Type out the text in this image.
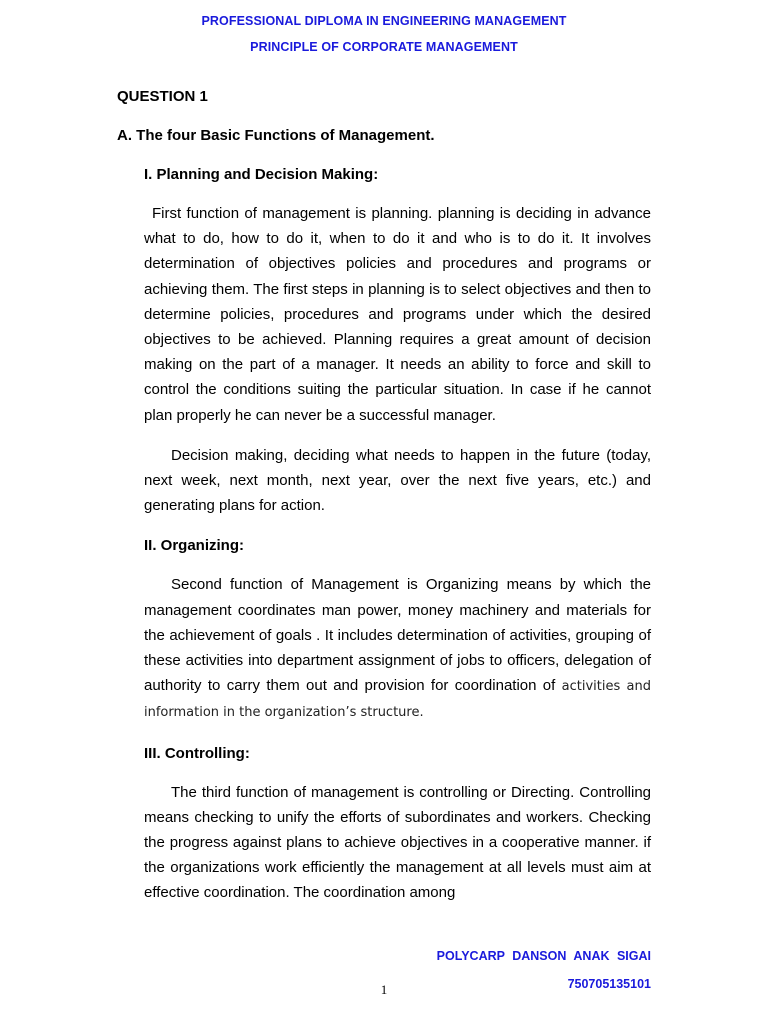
PROFESSIONAL DIPLOMA IN ENGINEERING MANAGEMENT
PRINCIPLE OF CORPORATE MANAGEMENT
QUESTION 1
A. The four Basic Functions of Management.
I. Planning and Decision Making:

First function of management is planning. planning is deciding in advance what to do, how to do it, when to do it and who is to do it. It involves determination of objectives policies and procedures and programs or achieving them. The first steps in planning is to select objectives and then to determine policies, procedures and programs under which the desired objectives to be achieved. Planning requires a great amount of decision making on the part of a manager. It needs an ability to force and skill to control the conditions suiting the particular situation. In case if he cannot plan properly he can never be a successful manager.

Decision making, deciding what needs to happen in the future (today, next week, next month, next year, over the next five years, etc.) and generating plans for action.

II. Organizing:

Second function of Management is Organizing means by which the management coordinates man power, money machinery and materials for the achievement of goals . It includes determination of activities, grouping of these activities into department assignment of jobs to officers, delegation of authority to carry them out and provision for coordination of activities and information in the organization’s structure.

III. Controlling:

The third function of management is controlling or Directing. Controlling means checking to unify the efforts of subordinates and workers. Checking the progress against plans to achieve objectives in a cooperative manner. if the organizations work efficiently the management at all levels must aim at effective coordination. The coordination among

POLYCARP DANSON ANAK SIGAI
1	750705135101
